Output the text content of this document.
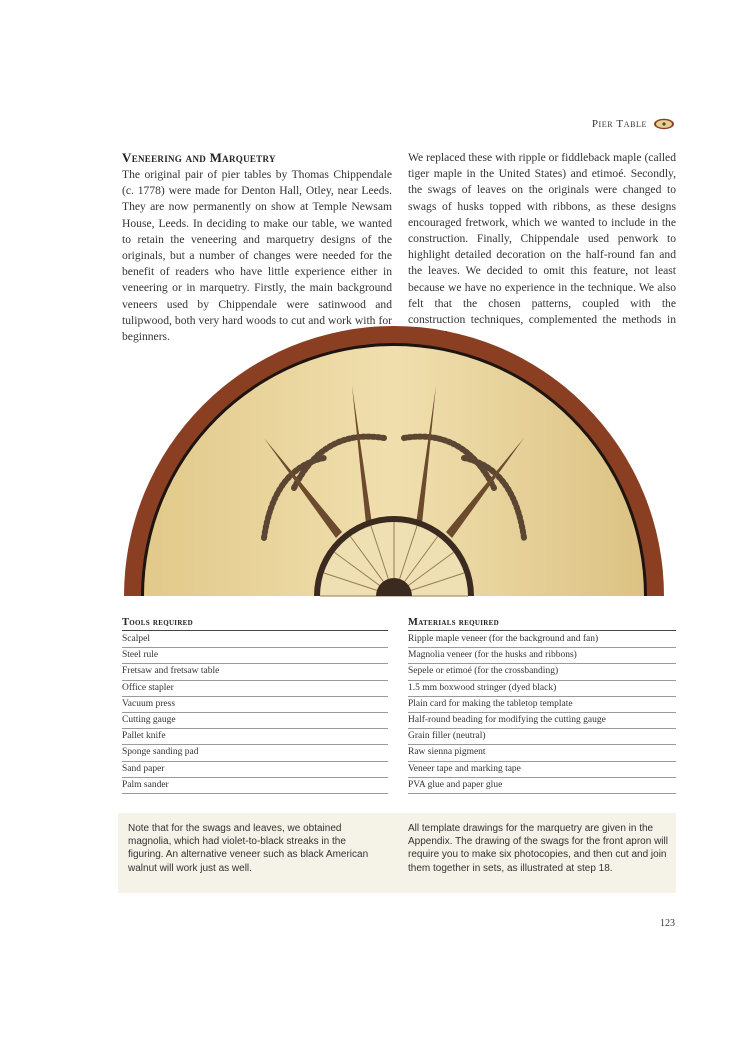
Pier Table
Veneering and Marquetry

The original pair of pier tables by Thomas Chippendale (c. 1778) were made for Denton Hall, Otley, near Leeds. They are now permanently on show at Temple Newsam House, Leeds. In deciding to make our table, we wanted to retain the veneering and marquetry designs of the originals, but a number of changes were needed for the benefit of readers who have little experience either in veneering or in marquetry. Firstly, the main background veneers used by Chippendale were satinwood and tulipwood, both very hard woods to cut and work with for beginners.

We replaced these with ripple or fiddleback maple (called tiger maple in the United States) and etimoé. Secondly, the swags of leaves on the originals were changed to swags of husks topped with ribbons, as these designs encouraged fretwork, which we wanted to include in the construction. Finally, Chippendale used penwork to highlight detailed decoration on the half-round fan and the leaves. We decided to omit this feature, not least because we have no experience in the technique. We also felt that the chosen patterns, coupled with the construction techniques, complemented the methods in

Tools required
Scalpel
Steel rule
Fretsaw and fretsaw table
Office stapler
Vacuum press
Cutting gauge
Pallet knife
Sponge sanding pad
Sand paper
Palm sander
Materials required
Ripple maple veneer (for the background and fan)
Magnolia veneer (for the husks and ribbons)
Sepele or etimoé (for the crossbanding)
1.5 mm boxwood stringer (dyed black)
Plain card for making the tabletop template
Half-round beading for modifying the cutting gauge
Grain filler (neutral)
Raw sienna pigment
Veneer tape and marking tape
PVA glue and paper glue

Note that for the swags and leaves, we obtained magnolia, which had violet-to-black streaks in the figuring. An alternative veneer such as black American walnut will work just as well.

All template drawings for the marquetry are given in the Appendix. The drawing of the swags for the front apron will require you to make six photocopies, and then cut and join them together in sets, as illustrated at step 18.

123
